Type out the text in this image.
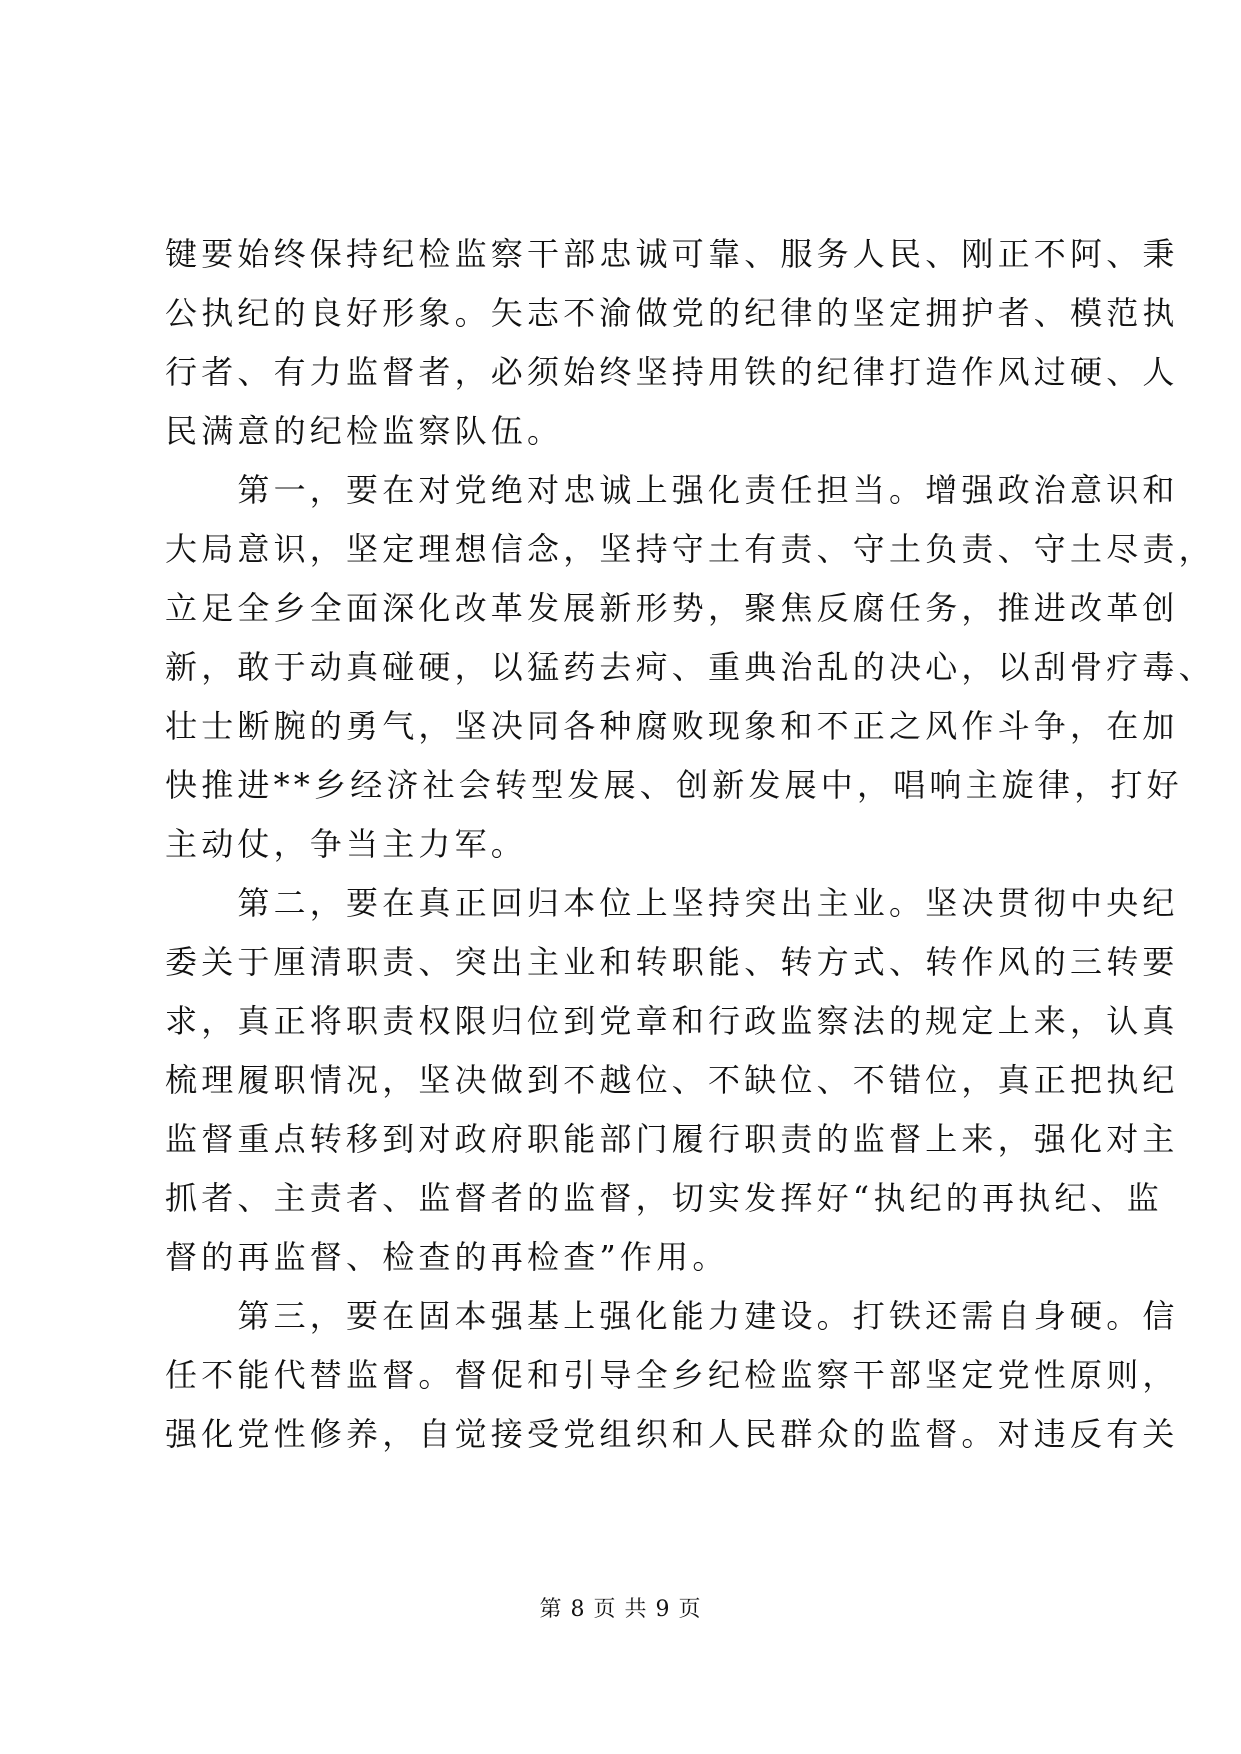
键要始终保持纪检监察干部忠诚可靠、服务人民、刚正不阿、秉
公执纪的良好形象。矢志不渝做党的纪律的坚定拥护者、模范执
行者、有力监督者，必须始终坚持用铁的纪律打造作风过硬、人
民满意的纪检监察队伍。
　　第一，要在对党绝对忠诚上强化责任担当。增强政治意识和
大局意识，坚定理想信念，坚持守土有责、守土负责、守土尽责，
立足全乡全面深化改革发展新形势，聚焦反腐任务，推进改革创
新，敢于动真碰硬，以猛药去疴、重典治乱的决心，以刮骨疗毒、
壮士断腕的勇气，坚决同各种腐败现象和不正之风作斗争，在加
快推进**乡经济社会转型发展、创新发展中，唱响主旋律，打好
主动仗，争当主力军。
　　第二，要在真正回归本位上坚持突出主业。坚决贯彻中央纪
委关于厘清职责、突出主业和转职能、转方式、转作风的三转要
求，真正将职责权限归位到党章和行政监察法的规定上来，认真
梳理履职情况，坚决做到不越位、不缺位、不错位，真正把执纪
监督重点转移到对政府职能部门履行职责的监督上来，强化对主
抓者、主责者、监督者的监督，切实发挥好“执纪的再执纪、监
督的再监督、检查的再检查”作用。
　　第三，要在固本强基上强化能力建设。打铁还需自身硬。信
任不能代替监督。督促和引导全乡纪检监察干部坚定党性原则，
强化党性修养，自觉接受党组织和人民群众的监督。对违反有关
第 8 页 共 9 页
